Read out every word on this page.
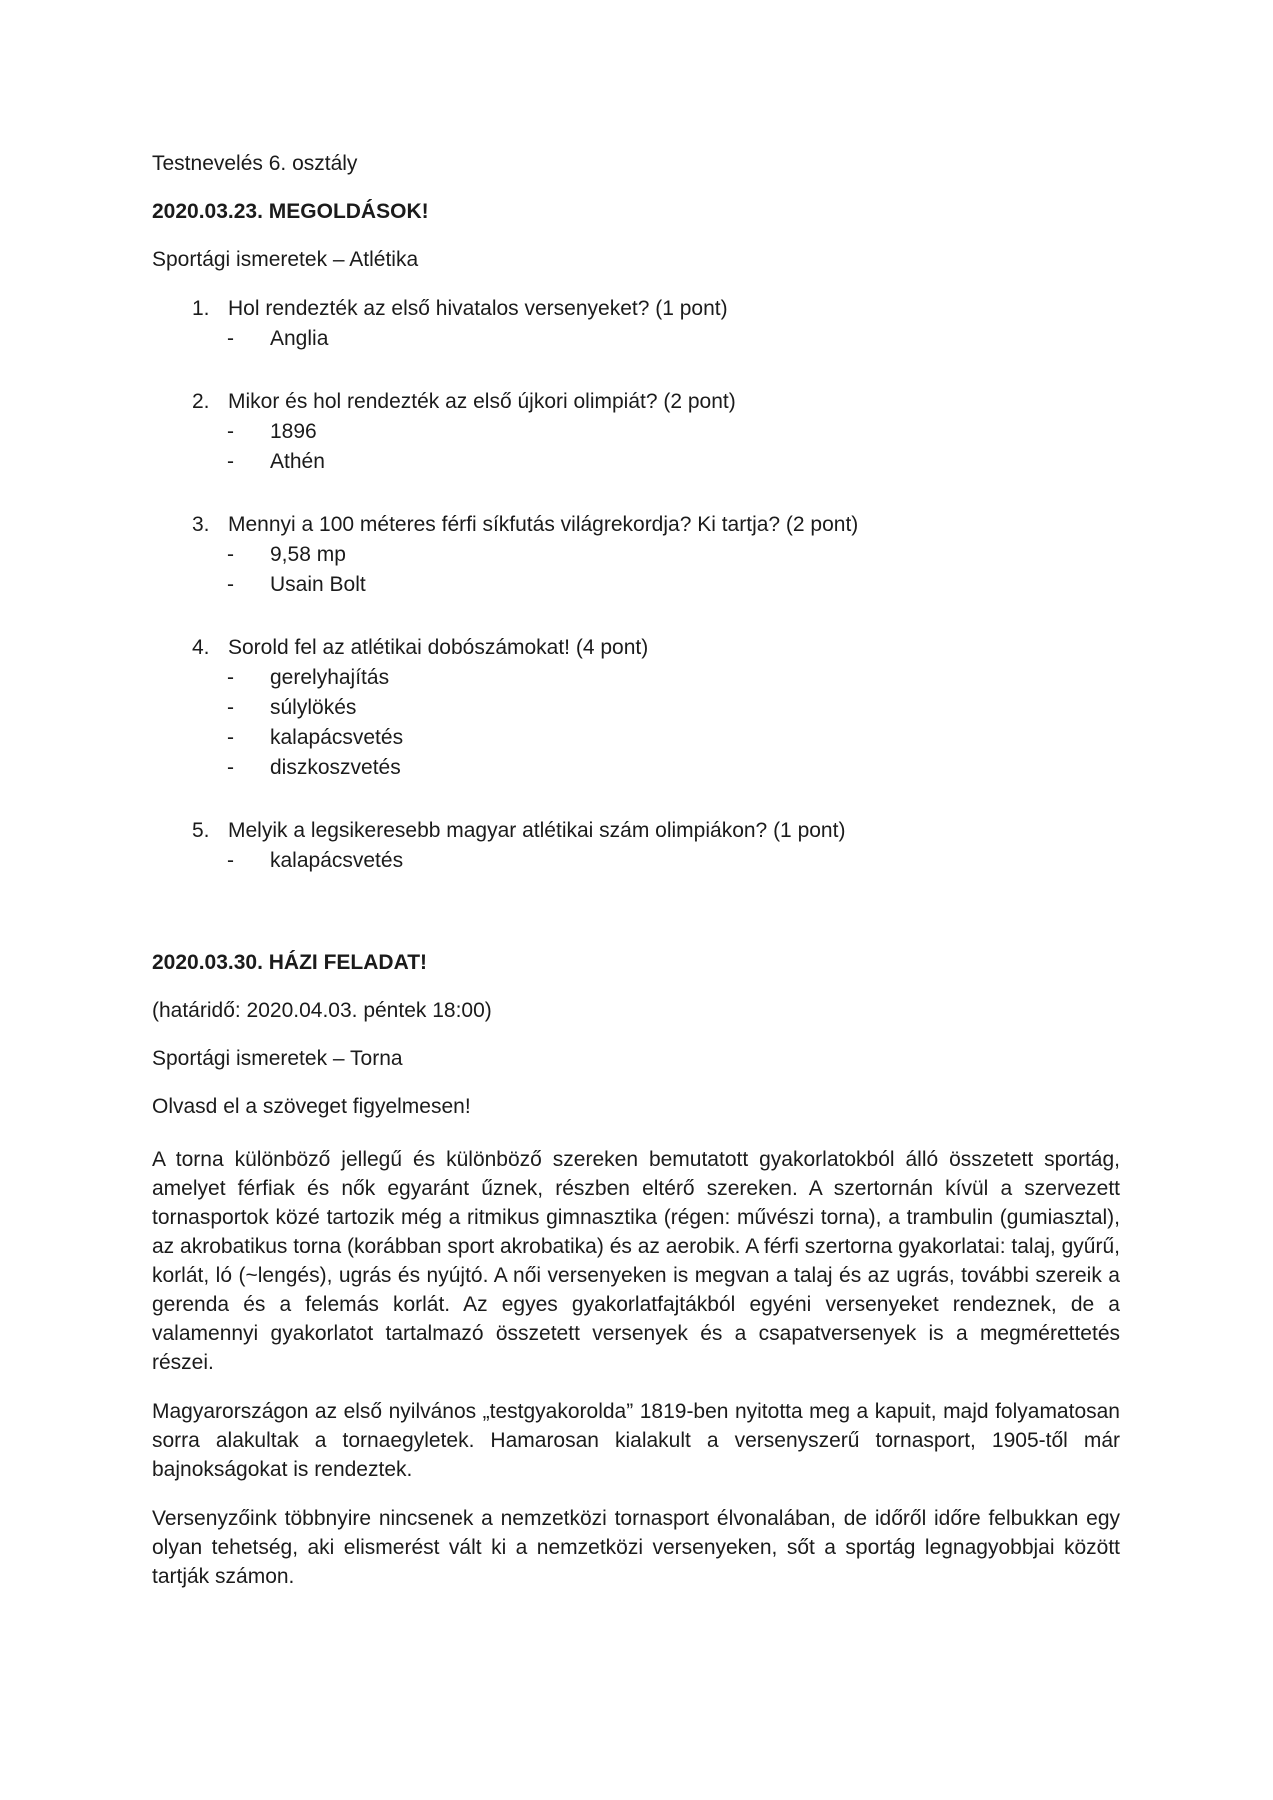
Testnevelés 6. osztály

2020.03.23. MEGOLDÁSOK!

Sportági ismeretek – Atlétika

1. Hol rendezték az első hivatalos versenyeket? (1 pont)
- Anglia
2. Mikor és hol rendezték az első újkori olimpiát? (2 pont)
- 1896
- Athén
3. Mennyi a 100 méteres férfi síkfutás világrekordja? Ki tartja? (2 pont)
- 9,58 mp
- Usain Bolt
4. Sorold fel az atlétikai dobószámokat! (4 pont)
- gerelyhajítás
- súlylökés
- kalapácsvetés
- diszkoszvetés
5. Melyik a legsikeresebb magyar atlétikai szám olimpiákon? (1 pont)
- kalapácsvetés

2020.03.30. HÁZI FELADAT!

(határidő: 2020.04.03. péntek 18:00)

Sportági ismeretek – Torna

Olvasd el a szöveget figyelmesen!

A torna különböző jellegű és különböző szereken bemutatott gyakorlatokból álló összetett sportág, amelyet férfiak és nők egyaránt űznek, részben eltérő szereken. A szertornán kívül a szervezett tornasportok közé tartozik még a ritmikus gimnasztika (régen: művészi torna), a trambulin (gumiasztal), az akrobatikus torna (korábban sport akrobatika) és az aerobik. A férfi szertorna gyakorlatai: talaj, gyűrű, korlát, ló (~lengés), ugrás és nyújtó. A női versenyeken is megvan a talaj és az ugrás, további szereik a gerenda és a felemás korlát. Az egyes gyakorlatfajtákból egyéni versenyeket rendeznek, de a valamennyi gyakorlatot tartalmazó összetett versenyek és a csapatversenyek is a megmérettetés részei.

Magyarországon az első nyilvános „testgyakorolda” 1819-ben nyitotta meg a kapuit, majd folyamatosan sorra alakultak a tornaegyletek. Hamarosan kialakult a versenyszerű tornasport, 1905-től már bajnokságokat is rendeztek.

Versenyzőink többnyire nincsenek a nemzetközi tornasport élvonalában, de időről időre felbukkan egy olyan tehetség, aki elismerést vált ki a nemzetközi versenyeken, sőt a sportág legnagyobbjai között tartják számon.
